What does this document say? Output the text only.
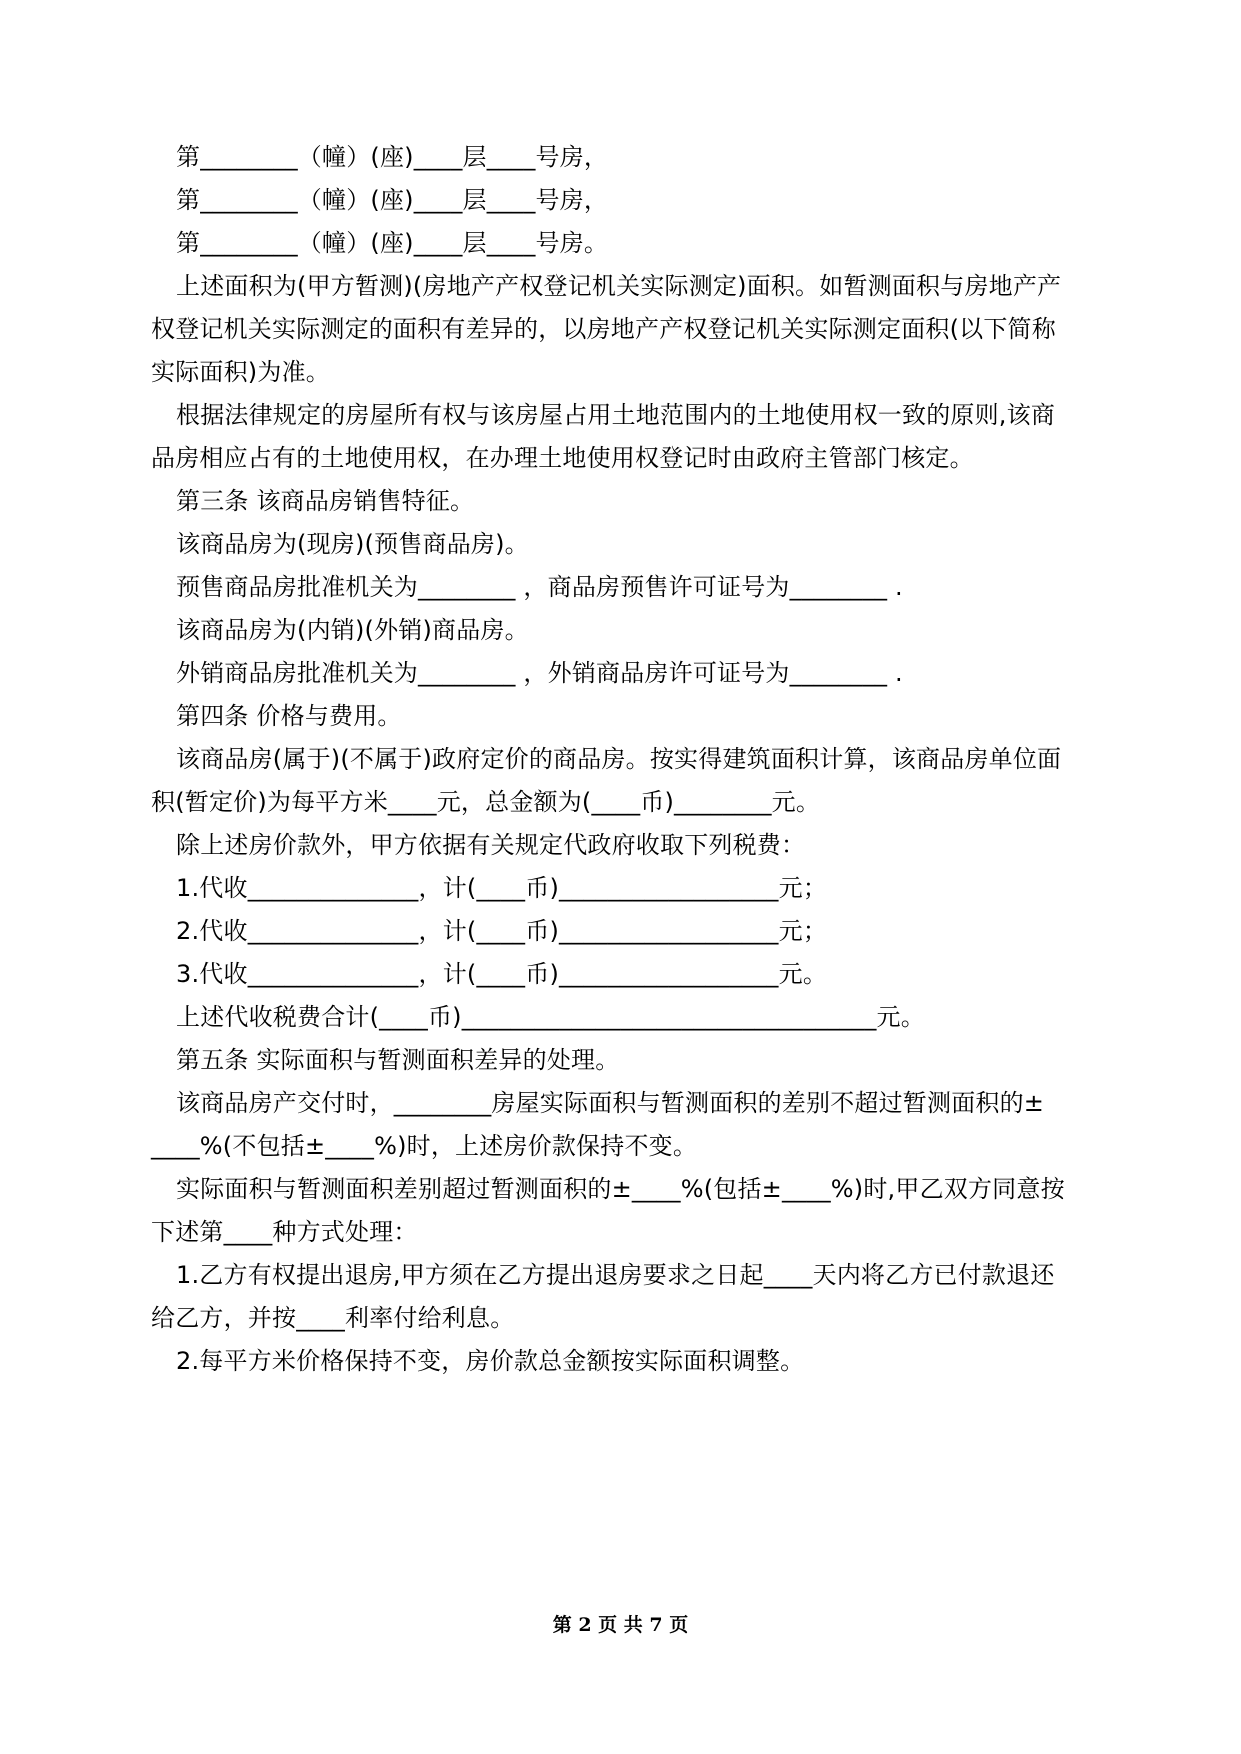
第________（幢）(座)____层____号房，
第________（幢）(座)____层____号房，
第________（幢）(座)____层____号房。
上述面积为(甲方暂测)(房地产产权登记机关实际测定)面积。如暂测面积与房地产产
权登记机关实际测定的面积有差异的，以房地产产权登记机关实际测定面积(以下简称
实际面积)为准。
根据法律规定的房屋所有权与该房屋占用土地范围内的土地使用权一致的原则,该商
品房相应占有的土地使用权，在办理土地使用权登记时由政府主管部门核定。
第三条 该商品房销售特征。
该商品房为(现房)(预售商品房)。
预售商品房批准机关为________ ，商品房预售许可证号为________ .
该商品房为(内销)(外销)商品房。
外销商品房批准机关为________ ，外销商品房许可证号为________ .
第四条 价格与费用。
该商品房(属于)(不属于)政府定价的商品房。按实得建筑面积计算，该商品房单位面
积(暂定价)为每平方米____元，总金额为(____币)________元。
除上述房价款外，甲方依据有关规定代政府收取下列税费：
1.代收______________，计(____币)__________________元；
2.代收______________，计(____币)__________________元；
3.代收______________，计(____币)__________________元。
上述代收税费合计(____币)__________________________________元。
第五条 实际面积与暂测面积差异的处理。
该商品房产交付时，________房屋实际面积与暂测面积的差别不超过暂测面积的±
____%(不包括±____%)时，上述房价款保持不变。
实际面积与暂测面积差别超过暂测面积的±____%(包括±____%)时,甲乙双方同意按
下述第____种方式处理：
1.乙方有权提出退房,甲方须在乙方提出退房要求之日起____天内将乙方已付款退还
给乙方，并按____利率付给利息。
2.每平方米价格保持不变，房价款总金额按实际面积调整。
第 2 页 共 7 页
